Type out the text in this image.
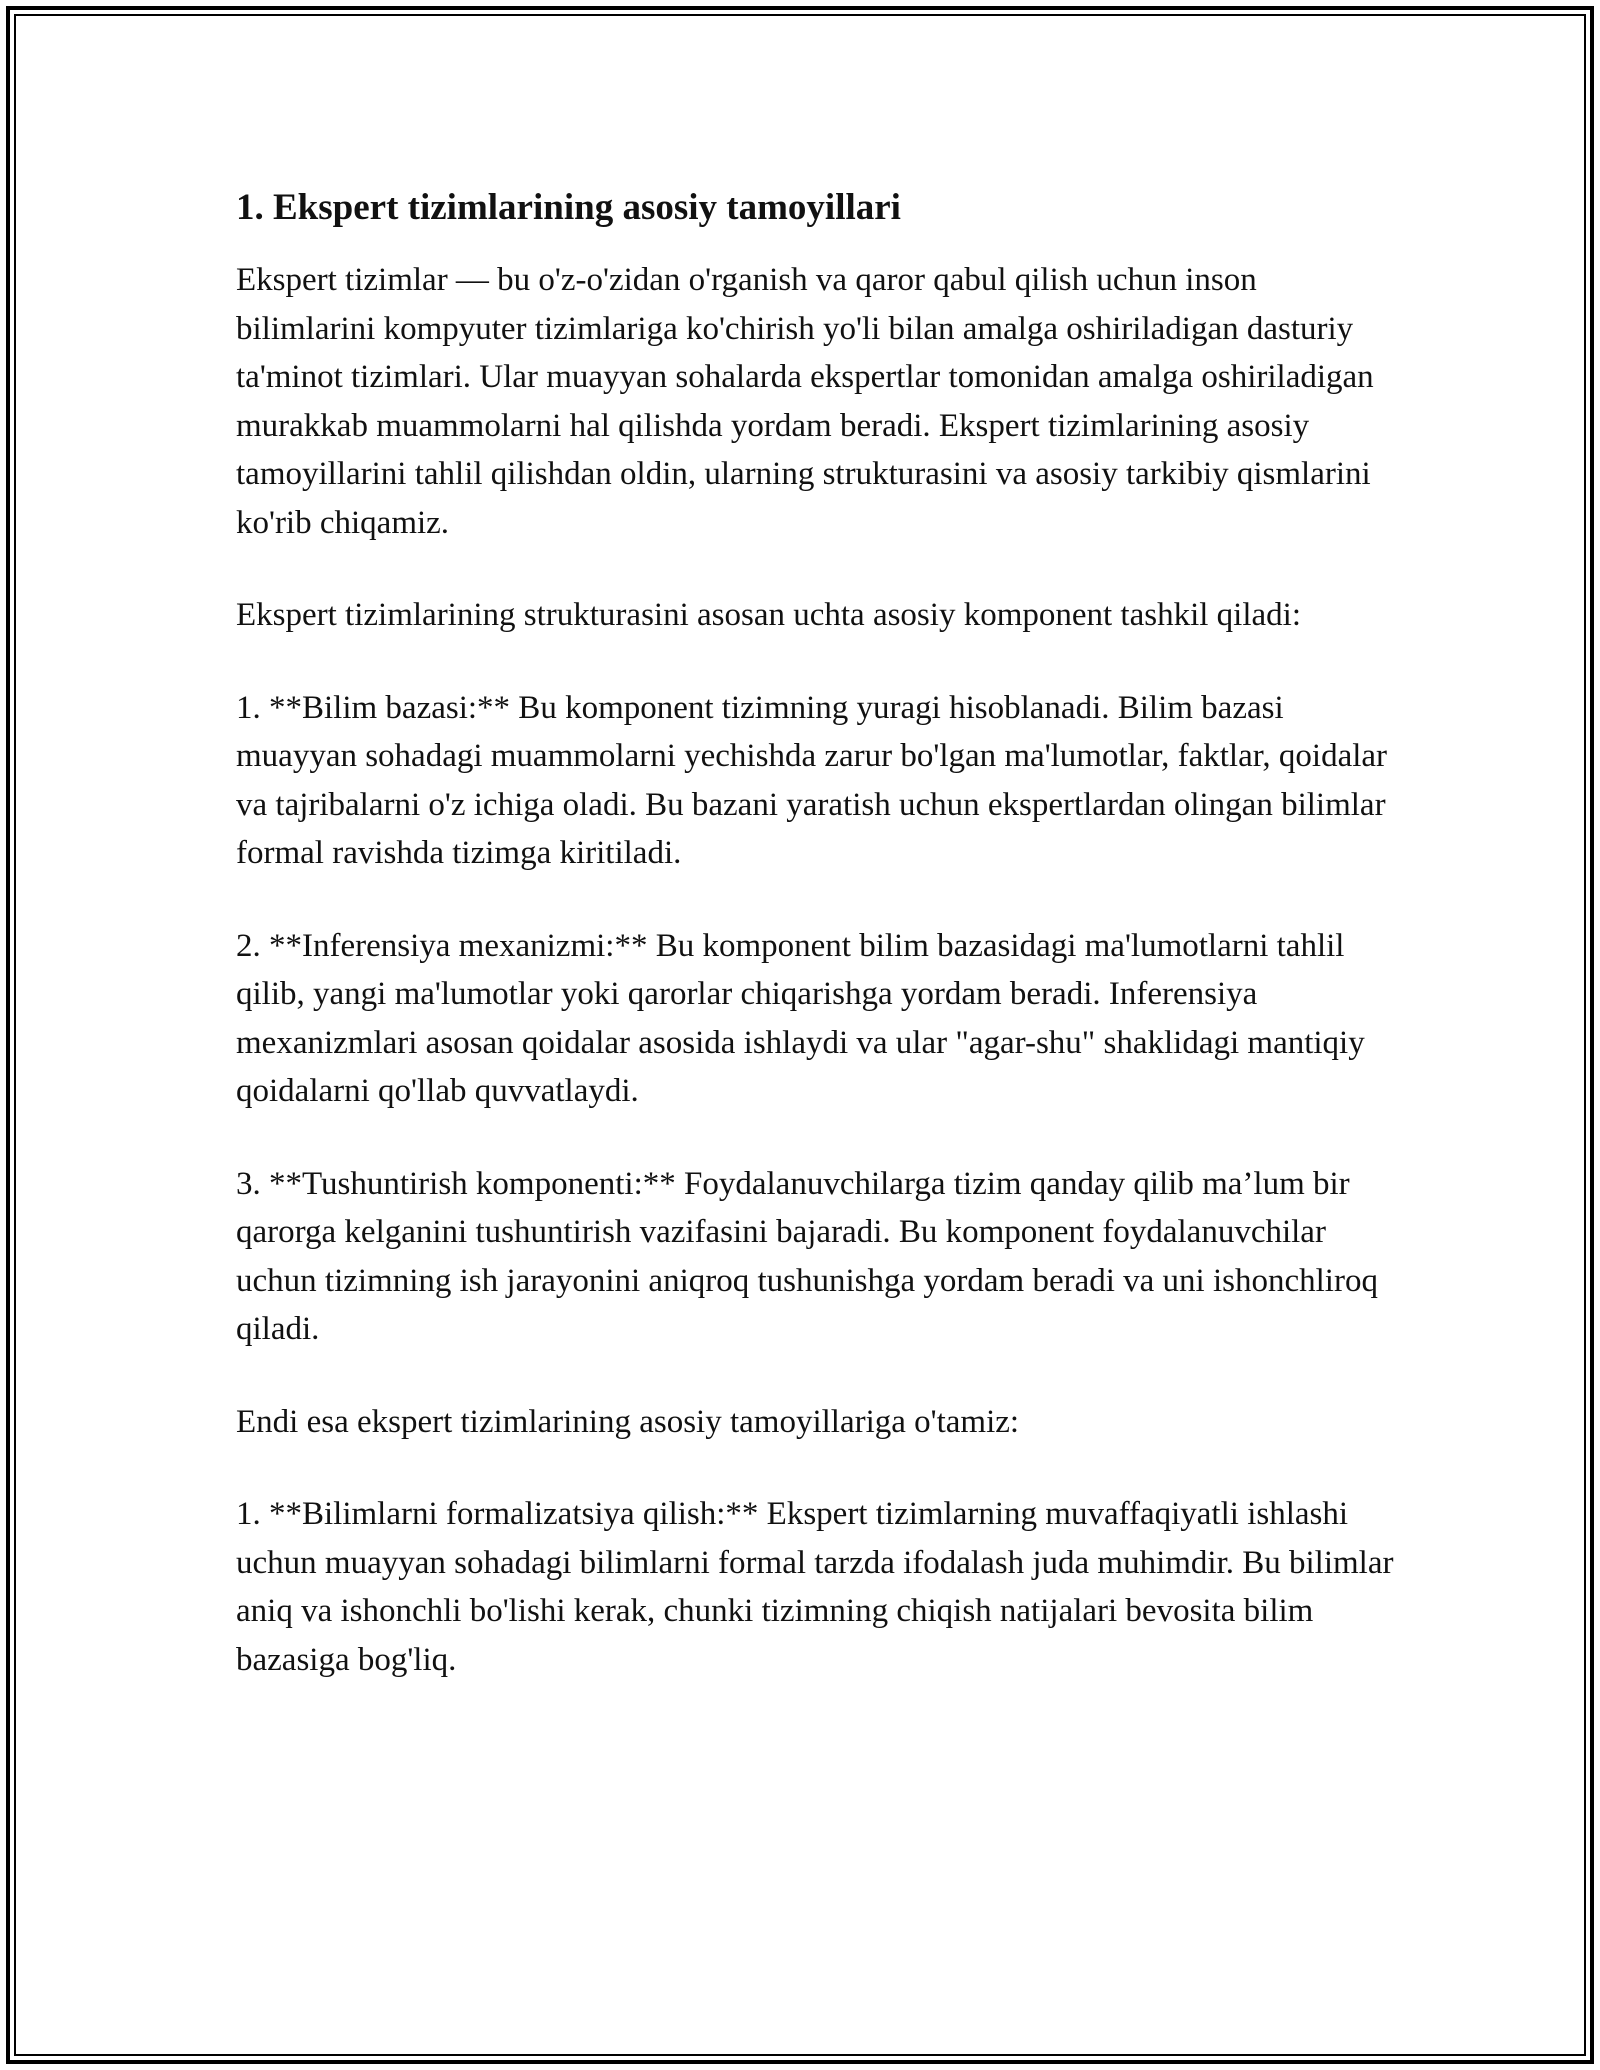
1. Ekspert tizimlarining asosiy tamoyillari

Ekspert tizimlar — bu o'z-o'zidan o'rganish va qaror qabul qilish uchun inson bilimlarini kompyuter tizimlariga ko'chirish yo'li bilan amalga oshiriladigan dasturiy ta'minot tizimlari. Ular muayyan sohalarda ekspertlar tomonidan amalga oshiriladigan murakkab muammolarni hal qilishda yordam beradi. Ekspert tizimlarining asosiy tamoyillarini tahlil qilishdan oldin, ularning strukturasini va asosiy tarkibiy qismlarini ko'rib chiqamiz.

Ekspert tizimlarining strukturasini asosan uchta asosiy komponent tashkil qiladi:

1. **Bilim bazasi:** Bu komponent tizimning yuragi hisoblanadi. Bilim bazasi muayyan sohadagi muammolarni yechishda zarur bo'lgan ma'lumotlar, faktlar, qoidalar va tajribalarni o'z ichiga oladi. Bu bazani yaratish uchun ekspertlardan olingan bilimlar formal ravishda tizimga kiritiladi.

2. **Inferensiya mexanizmi:** Bu komponent bilim bazasidagi ma'lumotlarni tahlil qilib, yangi ma'lumotlar yoki qarorlar chiqarishga yordam beradi. Inferensiya mexanizmlari asosan qoidalar asosida ishlaydi va ular "agar-shu" shaklidagi mantiqiy qoidalarni qo'llab quvvatlaydi.

3. **Tushuntirish komponenti:** Foydalanuvchilarga tizim qanday qilib ma’lum bir qarorga kelganini tushuntirish vazifasini bajaradi. Bu komponent foydalanuvchilar uchun tizimning ish jarayonini aniqroq tushunishga yordam beradi va uni ishonchliroq qiladi.

Endi esa ekspert tizimlarining asosiy tamoyillariga o'tamiz:

1. **Bilimlarni formalizatsiya qilish:** Ekspert tizimlarning muvaffaqiyatli ishlashi uchun muayyan sohadagi bilimlarni formal tarzda ifodalash juda muhimdir. Bu bilimlar aniq va ishonchli bo'lishi kerak, chunki tizimning chiqish natijalari bevosita bilim bazasiga bog'liq.
